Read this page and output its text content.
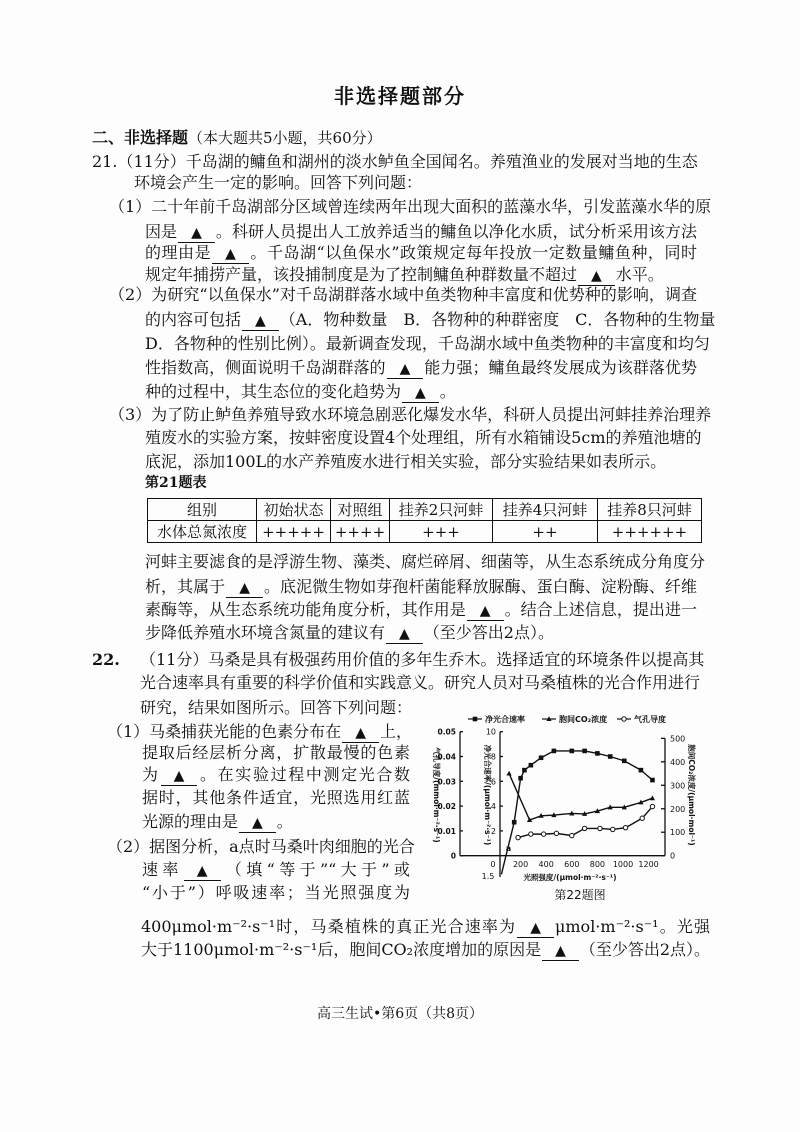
非选择题部分
二、非选择题（本大题共5小题，共60分）
21.（11分）千岛湖的鳙鱼和湖州的淡水鲈鱼全国闻名。养殖渔业的发展对当地的生态
环境会产生一定的影响。回答下列问题：
（1）二十年前千岛湖部分区域曾连续两年出现大面积的蓝藻水华，引发蓝藻水华的原
因是 ▲ 。科研人员提出人工放养适当的鳙鱼以净化水质，试分析采用该方法
的理由是 ▲ 。千岛湖“以鱼保水”政策规定每年投放一定数量鳙鱼种，同时
规定年捕捞产量，该投捕制度是为了控制鳙鱼种群数量不超过 ▲ 水平。
（2）为研究“以鱼保水”对千岛湖群落水域中鱼类物种丰富度和优势种的影响，调查
的内容可包括 ▲ （A．物种数量　B．各物种的种群密度　C．各物种的生物量
D．各物种的性别比例）。最新调查发现，千岛湖水域中鱼类物种的丰富度和均匀
性指数高，侧面说明千岛湖群落的 ▲ 能力强；鳙鱼最终发展成为该群落优势
种的过程中，其生态位的变化趋势为 ▲ 。
（3）为了防止鲈鱼养殖导致水环境急剧恶化爆发水华，科研人员提出河蚌挂养治理养
殖废水的实验方案，按蚌密度设置4个处理组，所有水箱铺设5cm的养殖池塘的
底泥，添加100L的水产养殖废水进行相关实验，部分实验结果如表所示。
第21题表
组别	初始状态	对照组	挂养2只河蚌	挂养4只河蚌	挂养8只河蚌
水体总氮浓度	+++++	++++	+++	++	++++++
河蚌主要滤食的是浮游生物、藻类、腐烂碎屑、细菌等，从生态系统成分角度分
析，其属于 ▲ 。底泥微生物如芽孢杆菌能释放脲酶、蛋白酶、淀粉酶、纤维
素酶等，从生态系统功能角度分析，其作用是 ▲ 。结合上述信息，提出进一
步降低养殖水环境含氮量的建议有 ▲ （至少答出2点）。
22. （11分）马桑是具有极强药用价值的多年生乔木。选择适宜的环境条件以提高其
光合速率具有重要的科学价值和实践意义。研究人员对马桑植株的光合作用进行
研究，结果如图所示。回答下列问题：
（1）马桑捕获光能的色素分布在 ▲ 上，
提取后经层析分离，扩散最慢的色素
为 ▲ 。在实验过程中测定光合数
据时，其他条件适宜，光照选用红蓝
光源的理由是 ▲ 。
（2）据图分析，a点时马桑叶肉细胞的光合
速率 ▲ （填“等于”“大于”或
“小于”）呼吸速率；当光照强度为
400μmol·m⁻²·s⁻¹时，马桑植株的真正光合速率为 ▲ μmol·m⁻²·s⁻¹。光强
大于1100μmol·m⁻²·s⁻¹后，胞间CO₂浓度增加的原因是 ▲ （至少答出2点）。
0
0.01
0.02
0.03
0.04
0.05
2
4
6
8
10
0
100
200
300
400
500
200 400 600 800 1000 1200
0
1.5
a
光照强度/(μmol·m⁻²·s⁻¹)
第22题图
气孔导度/(mmol·m⁻²·s⁻¹)	净光合速率/(μmol·m⁻²·s⁻¹)	胞间CO₂浓度/(μmol·mol⁻¹)
净光合速率	胞间CO₂浓度	气孔导度
高三生试•第6页（共8页）
